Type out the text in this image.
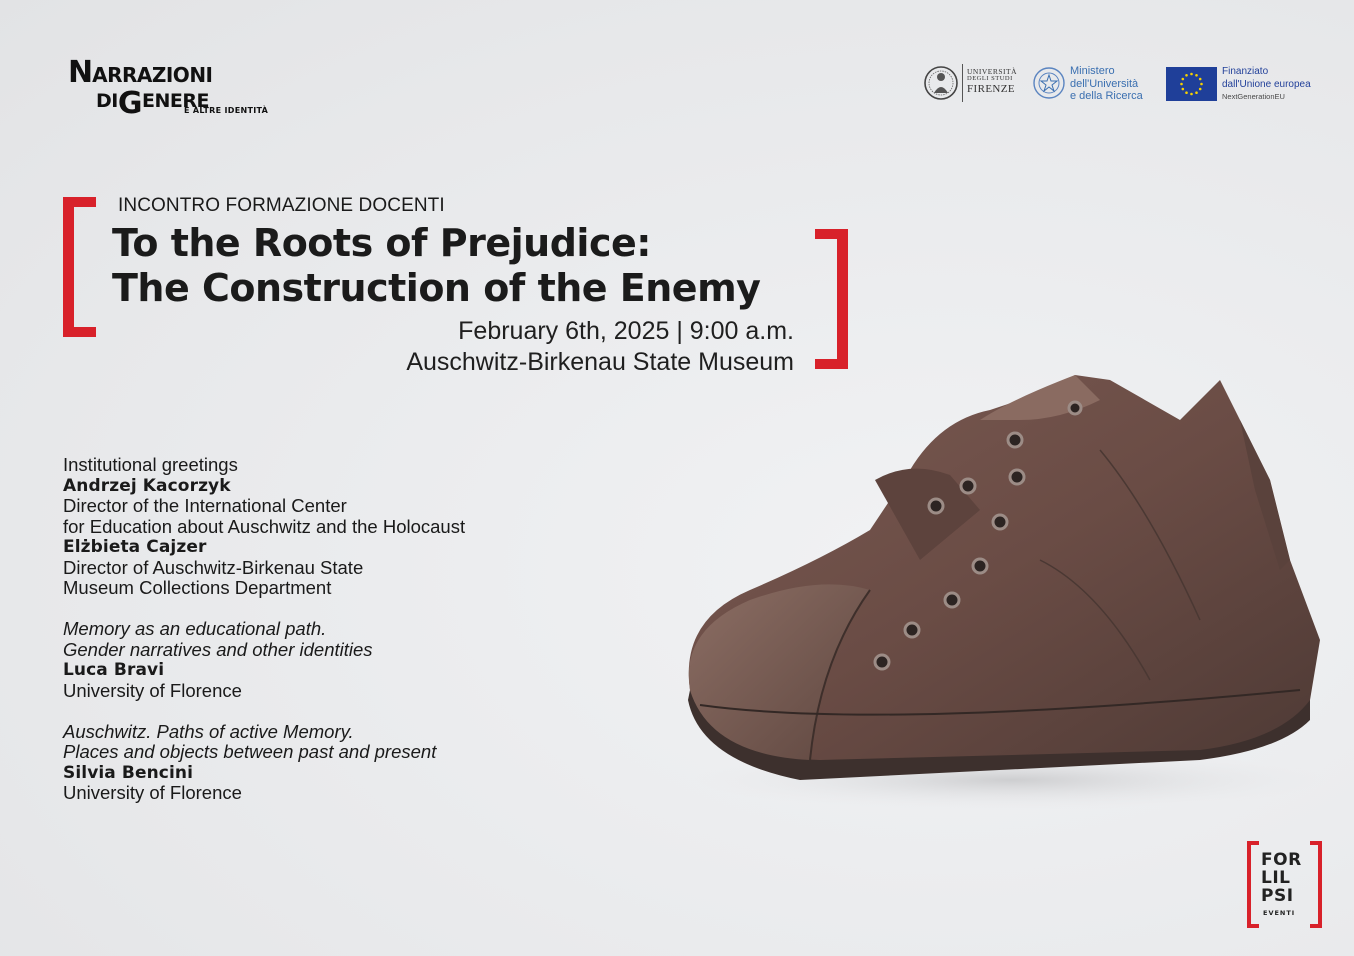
NARRAZIONI
DIGENERE
E ALTRE IDENTITÀ
UNIVERSITÀ
DEGLI STUDI
FIRENZE
Ministero
dell'Università
e della Ricerca
Finanziato
dall'Unione europea
NextGenerationEU
INCONTRO FORMAZIONE DOCENTI
To the Roots of Prejudice:
The Construction of the Enemy
February 6th, 2025 | 9:00 a.m.
Auschwitz-Birkenau State Museum
Institutional greetings
Andrzej Kacorzyk
Director of the International Center
for Education about Auschwitz and the Holocaust
Elżbieta Cajzer
Director of Auschwitz-Birkenau State
Museum Collections Department
Memory as an educational path.
Gender narratives and other identities
Luca Bravi
University of Florence
Auschwitz. Paths of active Memory.
Places and objects between past and present
Silvia Bencini
University of Florence
FOR
LIL
PSI
EVENTI
